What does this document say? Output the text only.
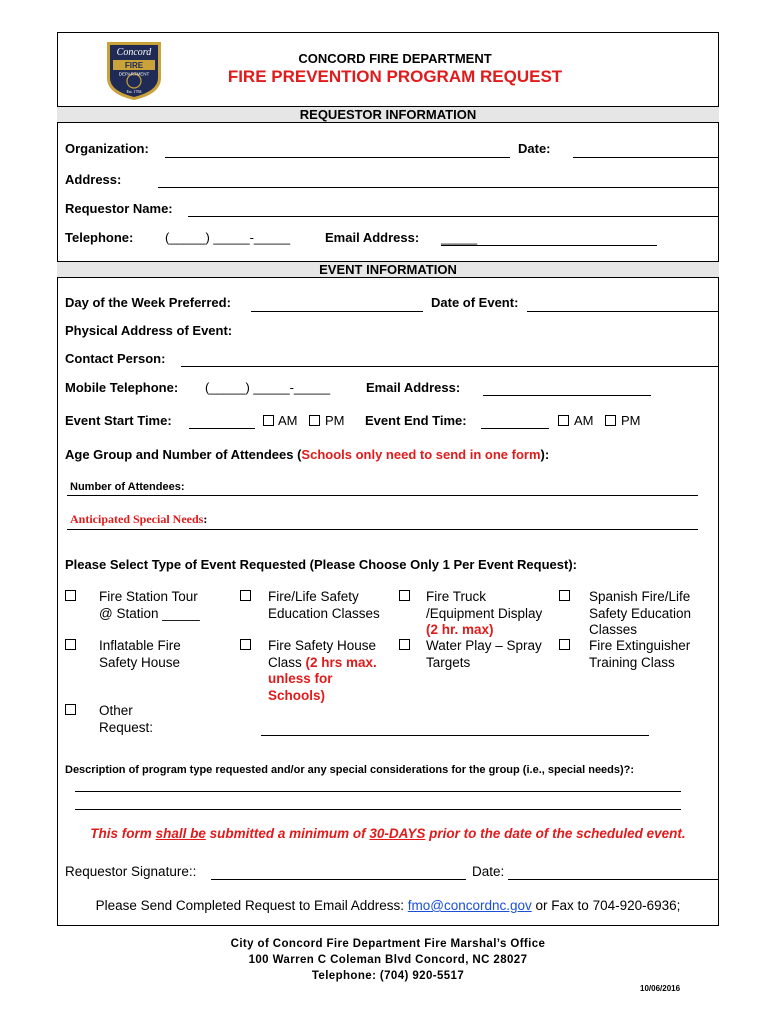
Concord
FIRE
DEPARTMENT
Est. 1784
CONCORD FIRE DEPARTMENT
FIRE PREVENTION PROGRAM REQUEST
REQUESTOR INFORMATION
Organization:	Date:
Address:
Requestor Name:
Telephone: (_____) _____-_____	Email Address: _____
EVENT INFORMATION
Day of the Week Preferred:	Date of Event:
Physical Address of Event:
Contact Person:
Mobile Telephone: (_____) _____-_____	Email Address:
Event Start Time:	AM PM Event End Time:	AM PM
Age Group and Number of Attendees (Schools only need to send in one form):
Number of Attendees:
Anticipated Special Needs:
Please Select Type of Event Requested (Please Choose Only 1 Per Event Request):
Fire Station Tour
@ Station _____
Fire/Life Safety
Education Classes
Fire Truck
/Equipment Display
(2 hr. max)
Spanish Fire/Life
Safety Education
Classes
Inflatable Fire
Safety House
Fire Safety House
Class (2 hrs max.
unless for
Schools)
Water Play – Spray
Targets
Fire Extinguisher
Training Class
Other
Request:
Description of program type requested and/or any special considerations for the group (i.e., special needs)?:
This form shall be submitted a minimum of 30-DAYS prior to the date of the scheduled event.
Requestor Signature::	Date:
Please Send Completed Request to Email Address: fmo@concordnc.gov or Fax to 704-920-6936;
City of Concord Fire Department Fire Marshal’s Office
100 Warren C Coleman Blvd Concord, NC 28027
Telephone: (704) 920-5517
10/06/2016
